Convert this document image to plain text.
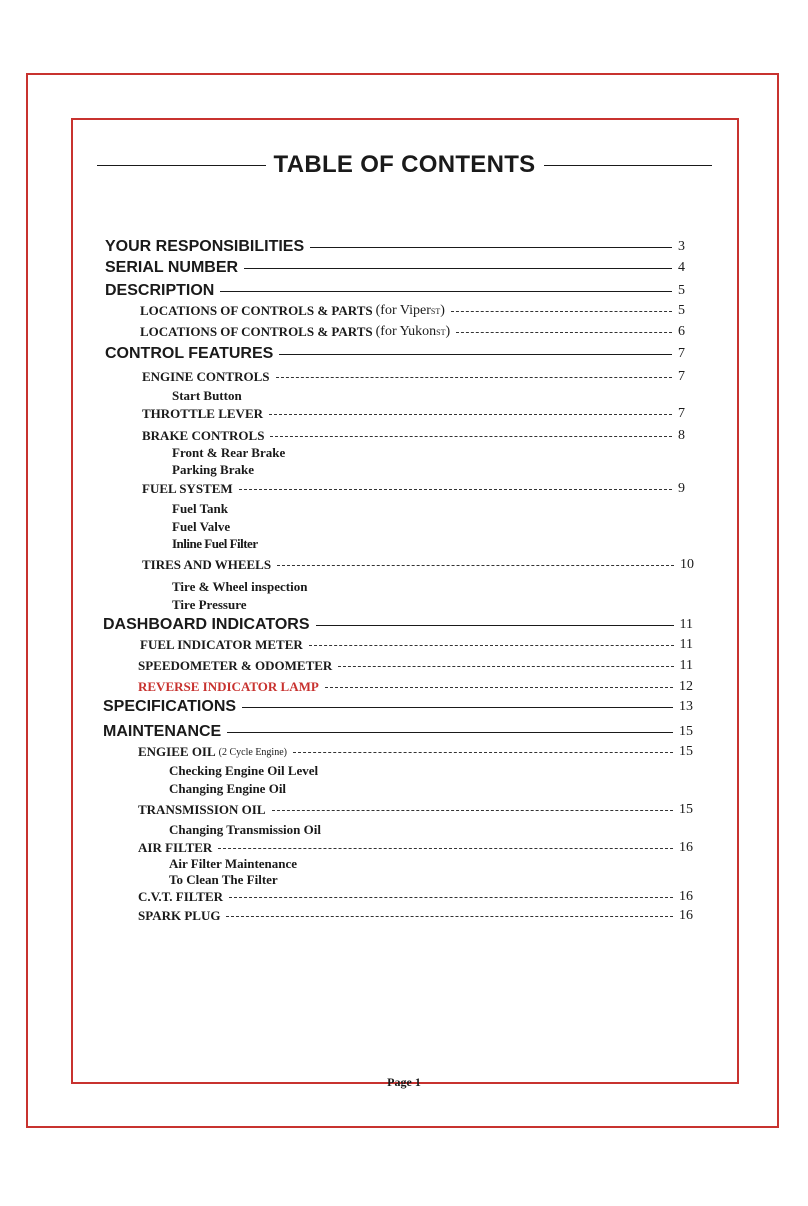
TABLE OF CONTENTS
YOUR RESPONSIBILITIES	3
SERIAL NUMBER	4
DESCRIPTION	5
LOCATIONS OF CONTROLS & PARTS (for Viper ST )	5
LOCATIONS OF CONTROLS & PARTS (for Yukon ST )	6
CONTROL FEATURES	7
ENGINE CONTROLS	7
Start Button
THROTTLE LEVER	7
BRAKE CONTROLS	8
Front & Rear Brake
Parking Brake
FUEL SYSTEM	9
Fuel Tank
Fuel Valve
Inline Fuel Filter
TIRES AND WHEELS	10
Tire & Wheel inspection
Tire Pressure
DASHBOARD INDICATORS	11
FUEL INDICATOR METER	11
SPEEDOMETER & ODOMETER	11
REVERSE INDICATOR LAMP	12
SPECIFICATIONS	13
MAINTENANCE	15
ENGIEE OIL (2 Cycle Engine)	15
Checking Engine Oil Level
Changing Engine Oil
TRANSMISSION OIL	15
Changing Transmission Oil
AIR FILTER	16
Air Filter Maintenance
To Clean The Filter
C.V.T. FILTER	16
SPARK PLUG	16
Page 1
